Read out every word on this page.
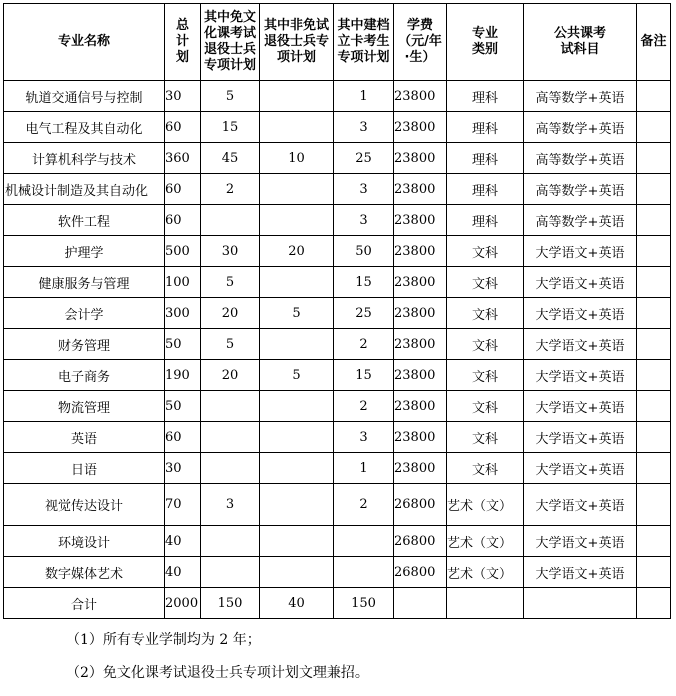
专业名称	总计划	其中免文化课考试退役士兵专项计划	其中非免试退役士兵专项计划	其中建档立卡考生专项计划	学费（元/年·生）	专业类别	公共课考试科目	备注
轨道交通信号与控制	30	5		1	23800	理科	高等数学+英语	
电气工程及其自动化	60	15		3	23800	理科	高等数学+英语	
计算机科学与技术	360	45	10	25	23800	理科	高等数学+英语	
机械设计制造及其自动化	60	2		3	23800	理科	高等数学+英语	
软件工程	60			3	23800	理科	高等数学+英语	
护理学	500	30	20	50	23800	文科	大学语文+英语	
健康服务与管理	100	5		15	23800	文科	大学语文+英语	
会计学	300	20	5	25	23800	文科	大学语文+英语	
财务管理	50	5		2	23800	文科	大学语文+英语	
电子商务	190	20	5	15	23800	文科	大学语文+英语	
物流管理	50			2	23800	文科	大学语文+英语	
英语	60			3	23800	文科	大学语文+英语	
日语	30			1	23800	文科	大学语文+英语	
视觉传达设计	70	3		2	26800	艺术（文）	大学语文+英语	
环境设计	40				26800	艺术（文）	大学语文+英语	
数字媒体艺术	40				26800	艺术（文）	大学语文+英语	
合计	2000	150	40	150				

（1）所有专业学制均为 2 年；

（2）免文化课考试退役士兵专项计划文理兼招。
